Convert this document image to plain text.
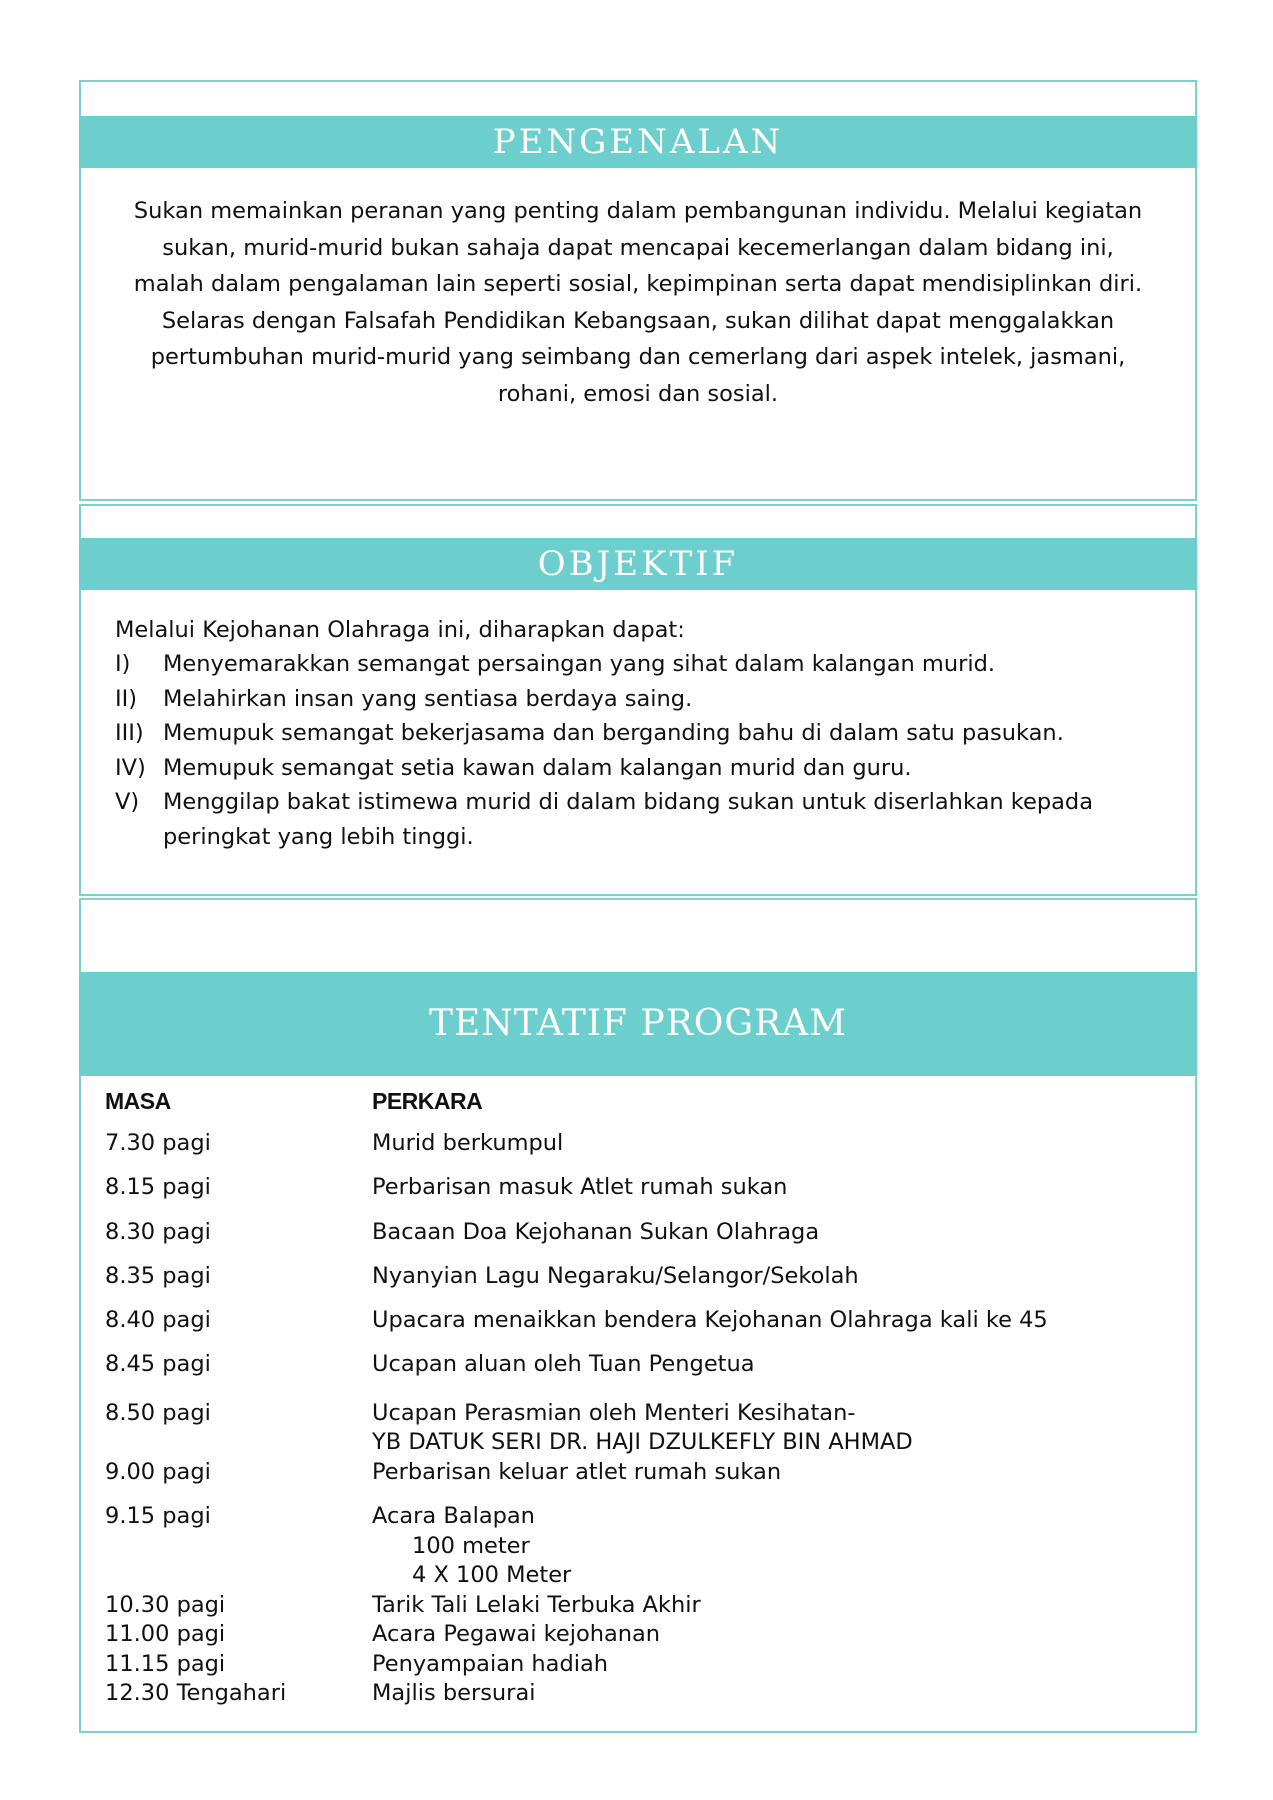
PENGENALAN

Sukan memainkan peranan yang penting dalam pembangunan individu. Melalui kegiatan sukan, murid-murid bukan sahaja dapat mencapai kecemerlangan dalam bidang ini, malah dalam pengalaman lain seperti sosial, kepimpinan serta dapat mendisiplinkan diri. Selaras dengan Falsafah Pendidikan Kebangsaan, sukan dilihat dapat menggalakkan pertumbuhan murid-murid yang seimbang dan cemerlang dari aspek intelek, jasmani, rohani, emosi dan sosial.

OBJEKTIF

Melalui Kejohanan Olahraga ini, diharapkan dapat:

I) Menyemarakkan semangat persaingan yang sihat dalam kalangan murid.
II) Melahirkan insan yang sentiasa berdaya saing.
III) Memupuk semangat bekerjasama dan berganding bahu di dalam satu pasukan.
IV) Memupuk semangat setia kawan dalam kalangan murid dan guru.
V) Menggilap bakat istimewa murid di dalam bidang sukan untuk diserlahkan kepada peringkat yang lebih tinggi.
TENTATIF PROGRAM
MASA	PERKARA
7.30 pagi	Murid berkumpul
8.15 pagi	Perbarisan masuk Atlet rumah sukan
8.30 pagi	Bacaan Doa Kejohanan Sukan Olahraga
8.35 pagi	Nyanyian Lagu Negaraku/Selangor/Sekolah
8.40 pagi	Upacara menaikkan bendera Kejohanan Olahraga kali ke 45
8.45 pagi	Ucapan aluan oleh Tuan Pengetua
8.50 pagi	Ucapan Perasmian oleh Menteri Kesihatan-
YB DATUK SERI DR. HAJI DZULKEFLY BIN AHMAD
9.00 pagi	Perbarisan keluar atlet rumah sukan
9.15 pagi	Acara Balapan
100 meter
4 X 100 Meter
10.30 pagi	Tarik Tali Lelaki Terbuka Akhir
11.00 pagi	Acara Pegawai kejohanan
11.15 pagi	Penyampaian hadiah
12.30 Tengahari	Majlis bersurai
